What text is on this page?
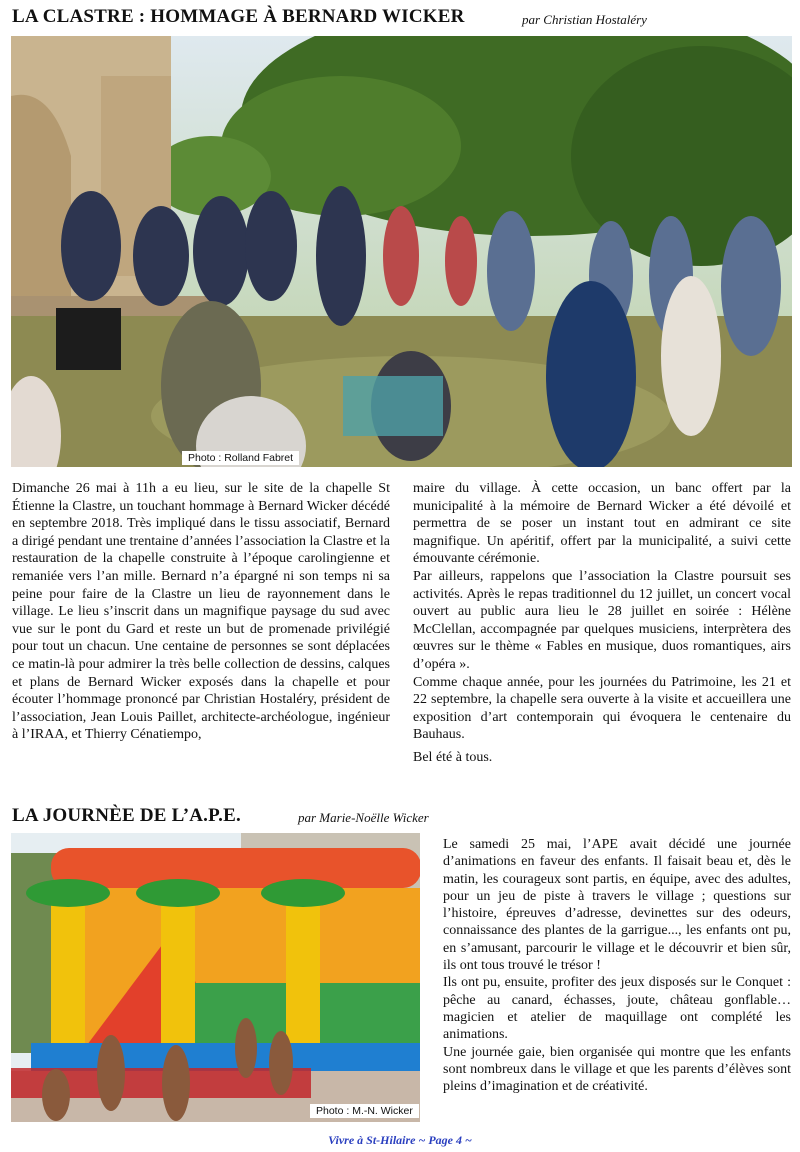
LA CLASTRE : HOMMAGE À BERNARD WICKER	par Christian Hostaléry
Photo : Rolland Fabret

Dimanche 26 mai à 11h a eu lieu, sur le site de la chapelle St Étienne la Clastre, un touchant hommage à Bernard Wicker décédé en septembre 2018. Très impliqué dans le tissu associatif, Bernard a dirigé pendant une trentaine d’années l’association la Clastre et la restauration de la chapelle construite à l’époque carolingienne et remaniée vers l’an mille. Bernard n’a épargné ni son temps ni sa peine pour faire de la Clastre un lieu de rayonnement dans le village. Le lieu s’inscrit dans un magnifique paysage du sud avec vue sur le pont du Gard et reste un but de promenade privilégié pour tout un chacun. Une centaine de personnes se sont déplacées ce matin-là pour admirer la très belle collection de dessins, calques et plans de Bernard Wicker exposés dans la chapelle et pour écouter l’hommage prononcé par Christian Hostaléry, président de l’association, Jean Louis Paillet, architecte-archéologue, ingénieur à l’IRAA, et Thierry Cénatiempo,

maire du village. À cette occasion, un banc offert par la municipalité à la mémoire de Bernard Wicker a été dévoilé et permettra de se poser un instant tout en admirant ce site magnifique. Un apéritif, offert par la municipalité, a suivi cette émouvante cérémonie.

Par ailleurs, rappelons que l’association la Clastre poursuit ses activités. Après le repas traditionnel du 12 juillet, un concert vocal ouvert au public aura lieu le 28 juillet en soirée : Hélène McClellan, accompagnée par quelques musiciens, interprètera des œuvres sur le thème « Fables en musique, duos romantiques, airs d’opéra ».

Comme chaque année, pour les journées du Patrimoine, les 21 et 22 septembre, la chapelle sera ouverte à la visite et accueillera une exposition d’art contemporain qui évoquera le centenaire du Bauhaus.

Bel été à tous.

LA JOURNÈE DE L’A.P.E.	par Marie-Noëlle Wicker
Photo : M.-N. Wicker

Le samedi 25 mai, l’APE avait décidé une journée d’animations en faveur des enfants. Il faisait beau et, dès le matin, les courageux sont partis, en équipe, avec des adultes, pour un jeu de piste à travers le village ; questions sur l’histoire, épreuves d’adresse, devinettes sur des odeurs, connaissance des plantes de la garrigue..., les enfants ont pu, en s’amusant, parcourir le village et le découvrir et bien sûr, ils ont tous trouvé le trésor !

Ils ont pu, ensuite, profiter des jeux disposés sur le Conquet : pêche au canard, échasses, joute, château gonflable… magicien et atelier de maquillage ont complété les animations.

Une journée gaie, bien organisée qui montre que les enfants sont nombreux dans le village et que les parents d’élèves sont pleins d’imagination et de créativité.

Vivre à St-Hilaire ~ Page 4 ~
